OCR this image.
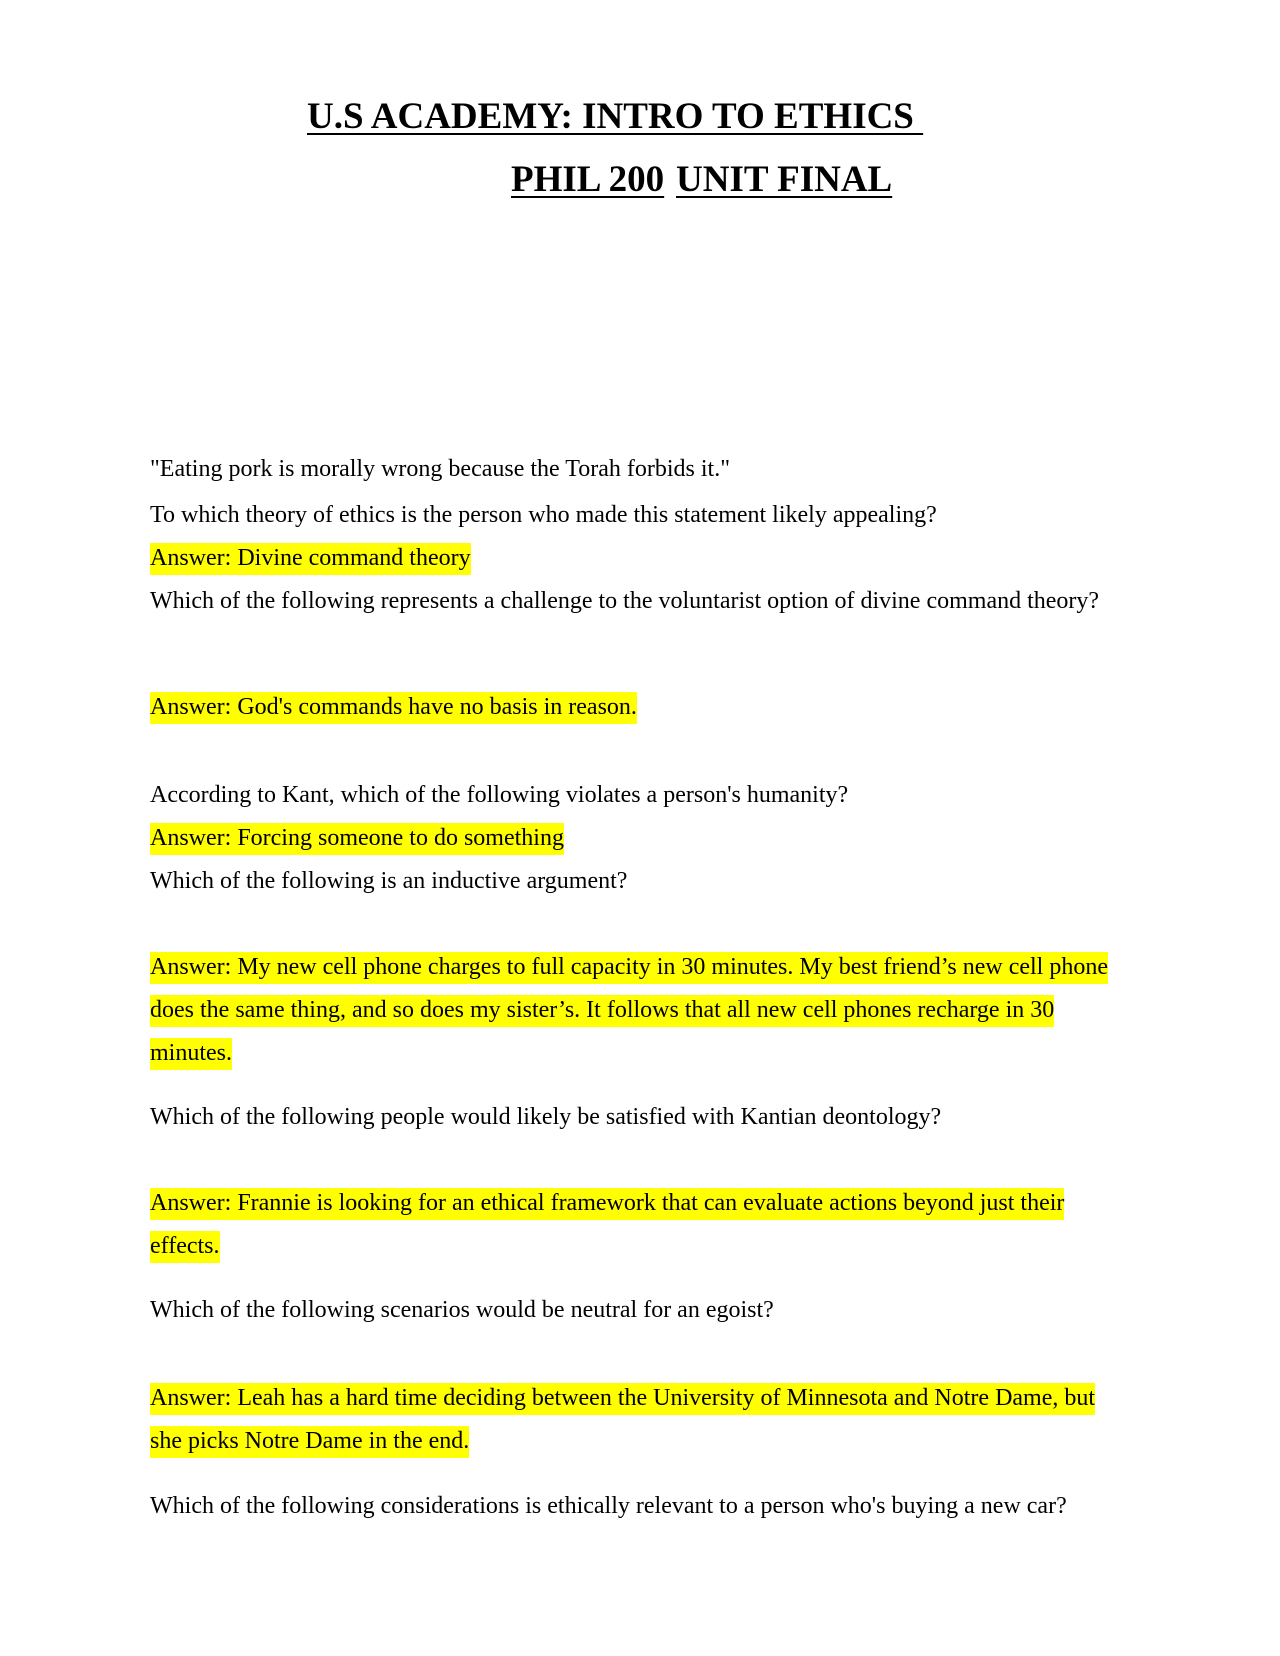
U.S ACADEMY: INTRO TO ETHICS
PHIL 200 UNIT FINAL

"Eating pork is morally wrong because the Torah forbids it."

To which theory of ethics is the person who made this statement likely appealing?

Answer: Divine command theory

Which of the following represents a challenge to the voluntarist option of divine command theory?

Answer: God's commands have no basis in reason.

According to Kant, which of the following violates a person's humanity?

Answer: Forcing someone to do something

Which of the following is an inductive argument?

Answer: My new cell phone charges to full capacity in 30 minutes. My best friend’s new cell phone does the same thing, and so does my sister’s. It follows that all new cell phones recharge in 30 minutes.

Which of the following people would likely be satisfied with Kantian deontology?

Answer: Frannie is looking for an ethical framework that can evaluate actions beyond just their effects.

Which of the following scenarios would be neutral for an egoist?

Answer: Leah has a hard time deciding between the University of Minnesota and Notre Dame, but she picks Notre Dame in the end.

Which of the following considerations is ethically relevant to a person who's buying a new car?
